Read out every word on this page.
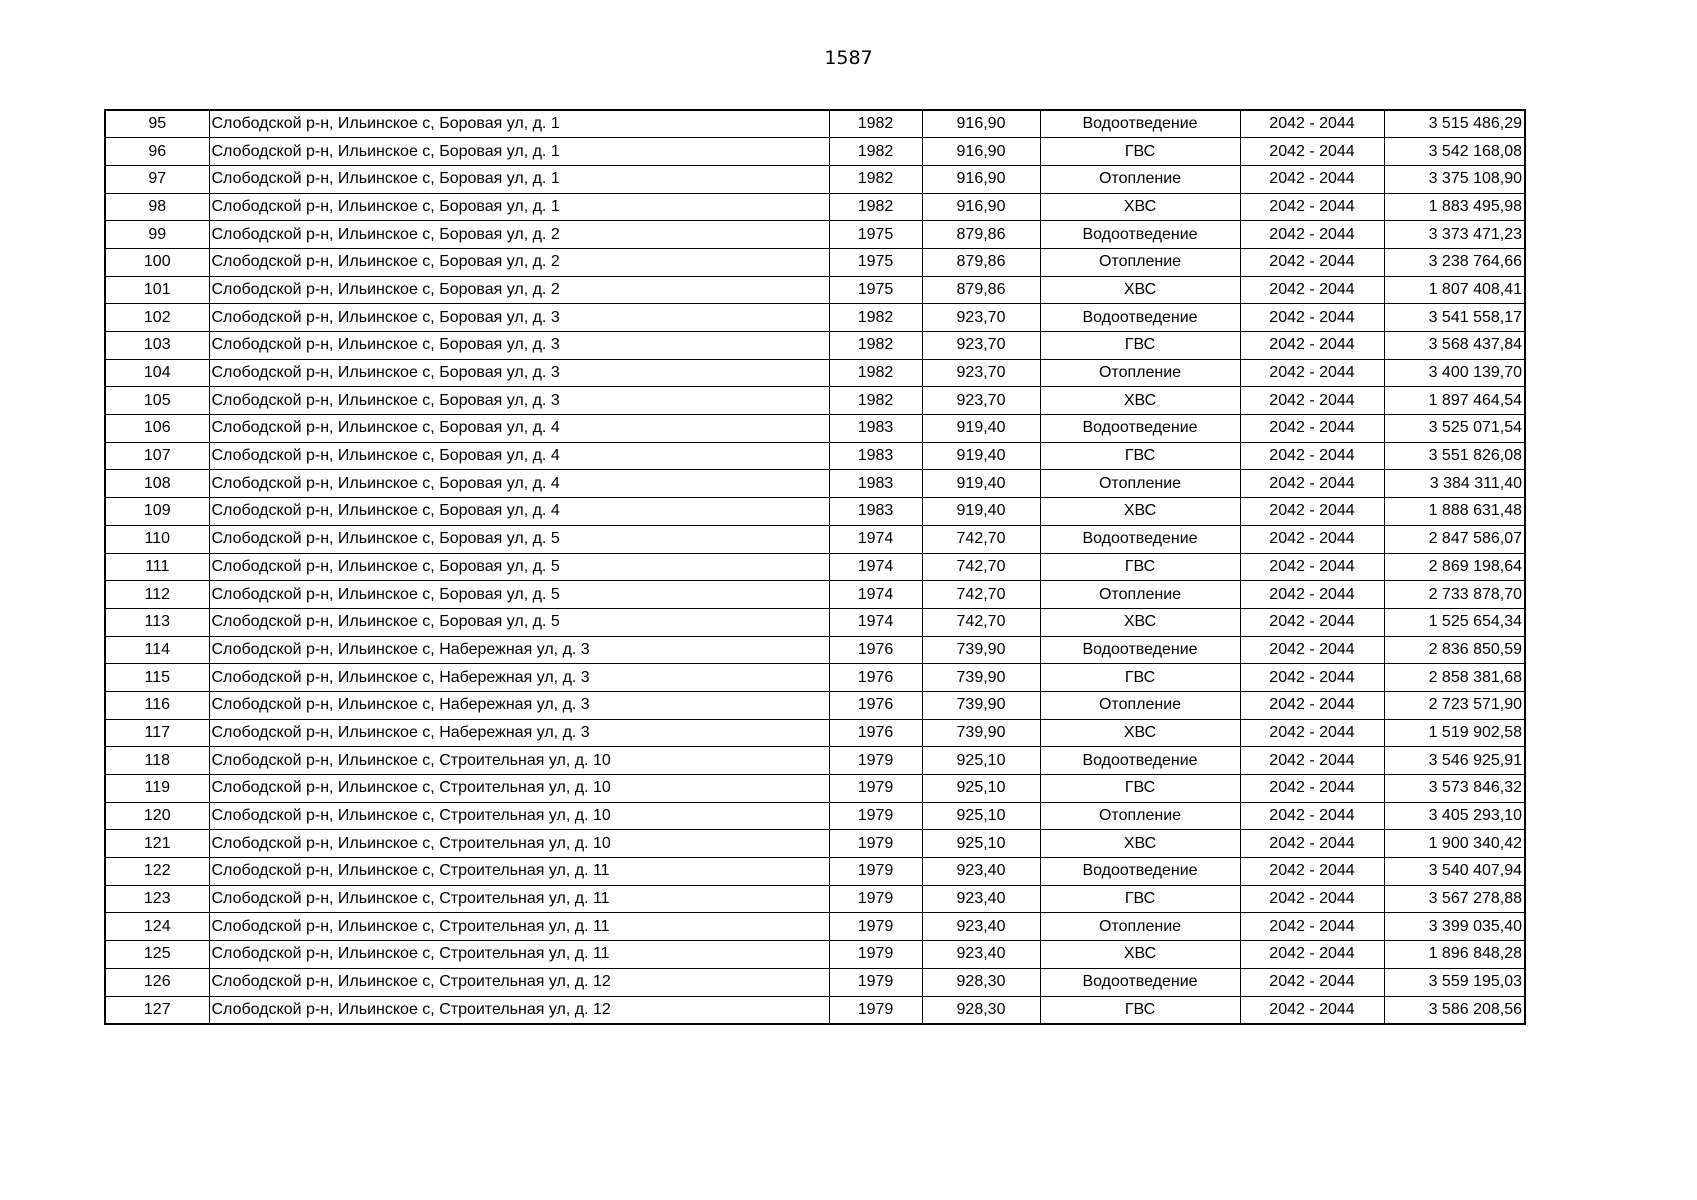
1587
95	Слободской р-н, Ильинское с, Боровая ул, д. 1	1982	916,90	Водоотведение	2042 - 2044	3 515 486,29
96	Слободской р-н, Ильинское с, Боровая ул, д. 1	1982	916,90	ГВС	2042 - 2044	3 542 168,08
97	Слободской р-н, Ильинское с, Боровая ул, д. 1	1982	916,90	Отопление	2042 - 2044	3 375 108,90
98	Слободской р-н, Ильинское с, Боровая ул, д. 1	1982	916,90	ХВС	2042 - 2044	1 883 495,98
99	Слободской р-н, Ильинское с, Боровая ул, д. 2	1975	879,86	Водоотведение	2042 - 2044	3 373 471,23
100	Слободской р-н, Ильинское с, Боровая ул, д. 2	1975	879,86	Отопление	2042 - 2044	3 238 764,66
101	Слободской р-н, Ильинское с, Боровая ул, д. 2	1975	879,86	ХВС	2042 - 2044	1 807 408,41
102	Слободской р-н, Ильинское с, Боровая ул, д. 3	1982	923,70	Водоотведение	2042 - 2044	3 541 558,17
103	Слободской р-н, Ильинское с, Боровая ул, д. 3	1982	923,70	ГВС	2042 - 2044	3 568 437,84
104	Слободской р-н, Ильинское с, Боровая ул, д. 3	1982	923,70	Отопление	2042 - 2044	3 400 139,70
105	Слободской р-н, Ильинское с, Боровая ул, д. 3	1982	923,70	ХВС	2042 - 2044	1 897 464,54
106	Слободской р-н, Ильинское с, Боровая ул, д. 4	1983	919,40	Водоотведение	2042 - 2044	3 525 071,54
107	Слободской р-н, Ильинское с, Боровая ул, д. 4	1983	919,40	ГВС	2042 - 2044	3 551 826,08
108	Слободской р-н, Ильинское с, Боровая ул, д. 4	1983	919,40	Отопление	2042 - 2044	3 384 311,40
109	Слободской р-н, Ильинское с, Боровая ул, д. 4	1983	919,40	ХВС	2042 - 2044	1 888 631,48
110	Слободской р-н, Ильинское с, Боровая ул, д. 5	1974	742,70	Водоотведение	2042 - 2044	2 847 586,07
111	Слободской р-н, Ильинское с, Боровая ул, д. 5	1974	742,70	ГВС	2042 - 2044	2 869 198,64
112	Слободской р-н, Ильинское с, Боровая ул, д. 5	1974	742,70	Отопление	2042 - 2044	2 733 878,70
113	Слободской р-н, Ильинское с, Боровая ул, д. 5	1974	742,70	ХВС	2042 - 2044	1 525 654,34
114	Слободской р-н, Ильинское с, Набережная ул, д. 3	1976	739,90	Водоотведение	2042 - 2044	2 836 850,59
115	Слободской р-н, Ильинское с, Набережная ул, д. 3	1976	739,90	ГВС	2042 - 2044	2 858 381,68
116	Слободской р-н, Ильинское с, Набережная ул, д. 3	1976	739,90	Отопление	2042 - 2044	2 723 571,90
117	Слободской р-н, Ильинское с, Набережная ул, д. 3	1976	739,90	ХВС	2042 - 2044	1 519 902,58
118	Слободской р-н, Ильинское с, Строительная ул, д. 10	1979	925,10	Водоотведение	2042 - 2044	3 546 925,91
119	Слободской р-н, Ильинское с, Строительная ул, д. 10	1979	925,10	ГВС	2042 - 2044	3 573 846,32
120	Слободской р-н, Ильинское с, Строительная ул, д. 10	1979	925,10	Отопление	2042 - 2044	3 405 293,10
121	Слободской р-н, Ильинское с, Строительная ул, д. 10	1979	925,10	ХВС	2042 - 2044	1 900 340,42
122	Слободской р-н, Ильинское с, Строительная ул, д. 11	1979	923,40	Водоотведение	2042 - 2044	3 540 407,94
123	Слободской р-н, Ильинское с, Строительная ул, д. 11	1979	923,40	ГВС	2042 - 2044	3 567 278,88
124	Слободской р-н, Ильинское с, Строительная ул, д. 11	1979	923,40	Отопление	2042 - 2044	3 399 035,40
125	Слободской р-н, Ильинское с, Строительная ул, д. 11	1979	923,40	ХВС	2042 - 2044	1 896 848,28
126	Слободской р-н, Ильинское с, Строительная ул, д. 12	1979	928,30	Водоотведение	2042 - 2044	3 559 195,03
127	Слободской р-н, Ильинское с, Строительная ул, д. 12	1979	928,30	ГВС	2042 - 2044	3 586 208,56
